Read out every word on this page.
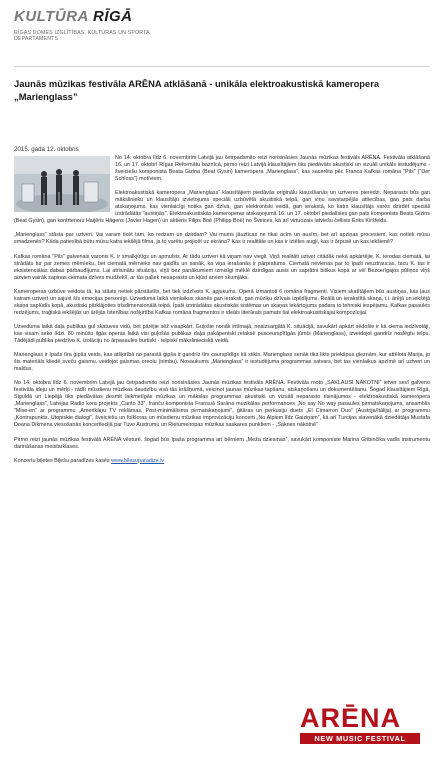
KULTŪRA RĪGĀ
RĪGAS DOMES IZGLĪTĪBAS, KULTŪRAS UN SPORTA DEPARTAMENTS
Jaunās mūzikas festivāla ARĒNA atklāšanā - unikāla elektroakustiskā kameropera „Marienglass”
2015. gada 12. oktobris

No 14. oktobra līdz 6. novembrim Latvijā jau četrpadsmito reizi norisināsies Jaunās mūzikas festivāls ARĒNA. Festivāla atklāšanā 16. un 17. oktobrī Rīgas Reformātu baznīcā, pirmo reizi Latvijā klausītājiem tiks piedāvāts akustiski un vizuāli unikāls iestudējums - šveiciešu komponista Beata Gizina (Beat Gysin) kameropera „Marienglass”, kas sacerēta pēc Franca Kafkas romāna "Pils" ("Der Schloss") motīviem.

Elektroakustiskā kameropera „Marienglass” klausītājiem piedāvās oriģinālu klausīšanās un uztveres pieredzi. Neparasts būs gan mākslinieku un klausītāju izvietojums speciāli uzbūvētā akustiskā telpā, gan viņu savstarpējās attiecības, gan pats darba atskaņojums, kas vienlaicīgi notiks gan dzīvā, gan elektroniski veidā, gan ierakstā, ko katrs klausītājs varēs dzirdēt speciāli izstrādātās "austiņās". Elektroakustiskās kameroperas atskaņojumā 16. un 17. oktobrī piedalīsies gan pats komponists Beats Gizins (Beat Gysin), gan kontrtenors Haijēris Hāgens (Javier Hagen) un aktieris Filips Boē (Philipp Boë) no Šveices, kā arī virtuozais latviešu čellists Ēriks Kiršfelds.

„Marienglass” stāsta par uztveri. Vai varam ticēt tam, ko redzam un dzirdam? Vai mums jāuzticas ne tikai acīm un ausīm, bet arī apziņas procesiem, kas notiek mūsu smadzenēs? Kāda patiesībā būtu mūsu katra iekšējā filma, ja to varētu projicēt uz ekrāna? Kas ir realitāte un kas ir iztēles augļi, kas ir ārpusē un kas iekšienē?

Kafkas romāna "Pils" galvenais varonis K. ir smalkjūtīgs un apmulsis. Ar tādu uztveri kā viņam nav viegli. Viņš realitāti uztver citādāk nekā apkārtējie. K. ierodas ciematā, lai strādātu tur par zemes mērnieku, bet ciematā mērnieks nav gaidīts un sanāk, ka viņa ierašanās ir pārpratums. Ciematā nevienas par to īpaši neuztraucas, tacu K. tas ir eksistenciālas dabas pārbaudījums. Lai atrisinātu situāciju, viņš bez panākumiem izmisīgi mēklē dzirdīgas ausis un saprātni biškus kopā ar vēl Bezcerīgajos pūliņos viņš aizvien vairāk sapinas ciemata dzīves mudžeklī, ar tās paliek nesaprasts un kļūst arvien skumjāks.

Kameroperas uzbūve veidota tā, ka stāsts netiek pārstāstīts, bet tiek izdzīvots K. apjukums. Operā izmantoti 6 romāna fragmenti. Visiem skatītājiem būs austiņas, kas ļaus katram uztvert un sajust šīs emocijas personīgi. Uzveduma laikā vienlaikus skanēs gan ieraksti, gan mūziķu dzīvais izpildījums. Reālā un ierakstītā skaņa, t.i. ārējā un iekšējā skaņa saplūdīs kopā, akustiski pārklājoties trīsdimensionālā telpā. Īpaši izstrādātas akustiskās sistēmas un skaņas iekārtojums padara to tehniski iespējamu. Kafkas pasaules redzējums, traģiskā iekšējās un ārējās īstenības nošķirtība Kafkas romāna fragmentos ir ideāls literārais pamats šai elektroakustiskajai kompozīcijai.

Uzveduma laikā daļa publikas gul skatuves vidū, bet pārējie sēž visapkārt. Guļošie nonāk intīmajā, neaizsargātā K. situācijā, savukārt apkārt sēdošie ir kā ciema iedzīvotāji, kas visam seko līdzi. 80 minūšu ilgās operas laikā visi guļošās publikas daļai pakāpeniski relaksē pusceurspītīgās jūmts (Marienglass), izveidojot gandrīz noslēgtu telpu. Tādējādi publika piedzīvo K. izolāciju no ārpasaules burtiski - telpiski mākslinieciskā veidā.

Marienglass ir īpašs tīra ģipša veids, kas atšķirībā no parastā ģipša ir gandrīz tīrs caurspīdīgs kā stikls. Marienglass senāk tika likts priekšpus gleznām, kur attēlota Marija, jo šis materiāls kliedē sveču gaismu, veidojot gaismas oreolu (nimbu). Nosaukums „Marienglass” ir iestudējuma programmas satvars, bet tas vienlaikus apzīmē arī uztveri un maldus.

No 14. oktobra līdz 6. novembrim Latvijā jau četrpadsmito reizi norisināsies Jaunās mūzikas festivāls ARĒNA. Festivāla moto „SAKLAUSI NĀKOTNI” ietver sevī galveno festivāla ideju un mērķi - rādīt mūsdienu mūzikas daudzību visā tās krāšņumā, veicinot jaunas mūzikas tapšanu, atskaņošanu un dokumentēšanu. Šogad klausītājiem Rīgā, Siguldā un Liepājā tiks piedāvātas desmit laikmetīgās mūzikas un mākslas programmas akustiski un vizuāli neparasto risinājumos - elektroakustiskā kameropera „Marienglass”, Latvijas Radio kora projekts „Canto 33”, franču komponista Fransuā Sarāna muzikālas performances „No say No way pasaules pirmatskaņojums, ansamblis "Mise-en" ar programmu „Amerikāņu TV reklāmas. Post-minimālisma pirmatskaņojumi”, ģitāras un perkusiju duets „El Cimarron Duo” (Austrija/Itālija) ar programmu „Kontrapunkts. Utopiskie dialogi”, šveiciešu un folkloras un mūsdienu mūzikas improvizāciju koncerti „No Alpiem līdz Gaiziņam”, kā arī Turcijas slavenākā dziedātāja Mustafa Doana Dikmena viesošanās koncertleciļā par Tuvo Austrumu un Rietumeiropas mūzikas saskares punktiem - „Saknes nākotnē”

Pirmo reizi jaunās mūzikas festivālā ARĒNA vēsturē, šogad būs īpaša programma arī bērniem „Meža dziesmas”, savukārt komponiste Marina Gribinčika vadīs instrumentu darināšanas meistarklases.

Koncertu biļetes Biļešu paradīzes kasēs www.bilesuparadize.lv

ARĒNA
NEW MUSIC FESTIVAL
